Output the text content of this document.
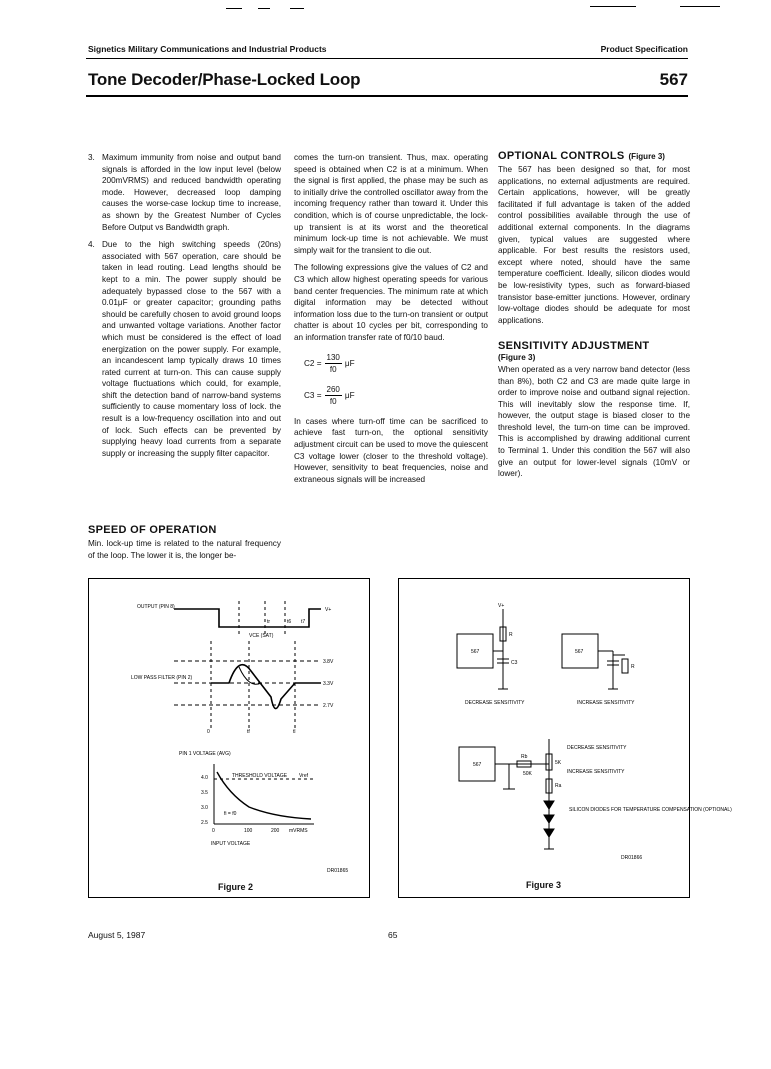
Signetics Military Communications and Industrial Products	Product Specification
Tone Decoder/Phase-Locked Loop	567
3. Maximum immunity from noise and output band signals is afforded in the low input level (below 200mVRMS) and reduced bandwidth operating mode. However, decreased loop damping causes the worse-case lockup time to increase, as shown by the Greatest Number of Cycles Before Output vs Bandwidth graph.
4. Due to the high switching speeds (20ns) associated with 567 operation, care should be taken in lead routing. Lead lengths should be kept to a min. The power supply should be adequately bypassed close to the 567 with a 0.01μF or greater capacitor; grounding paths should be carefully chosen to avoid ground loops and unwanted voltage variations. Another factor which must be considered is the effect of load energization on the power supply. For example, an incandescent lamp typically draws 10 times rated current at turn-on. This can cause supply voltage fluctuations which could, for example, shift the detection band of narrow-band systems sufficiently to cause momentary loss of lock. the result is a low-frequency oscillation into and out of lock. Such effects can be prevented by supplying heavy load currents from a separate supply or increasing the supply filter capacitor.
SPEED OF OPERATION
Min. lock-up time is related to the natural frequency of the loop. The lower it is, the longer be-

comes the turn-on transient. Thus, max. operating speed is obtained when C2 is at a minimum. When the signal is first applied, the phase may be such as to initially drive the controlled oscillator away from the incoming frequency rather than toward it. Under this condition, which is of course unpredictable, the lock-up transient is at its worst and the theoretical minimum lock-up time is not achievable. We must simply wait for the transient to die out.

The following expressions give the values of C2 and C3 which allow highest operating speeds for various band center frequencies. The minimum rate at which digital information may be detected without information loss due to the turn-on transient or output chatter is about 10 cycles per bit, corresponding to an information transfer rate of f0/10 baud.

$C2 = \frac{130}{f0}$ μF
$C3 = \frac{260}{f0}$ μF

In cases where turn-off time can be sacrificed to achieve fast turn-on, the optional sensitivity adjustment circuit can be used to move the quiescent C3 voltage lower (closer to the threshold voltage). However, sensitivity to beat frequencies, noise and extraneous signals will be increased

OPTIONAL CONTROLS (Figure 3)
The 567 has been designed so that, for most applications, no external adjustments are required. Certain applications, however, will be greatly facilitated if full advantage is taken of the added control possibilities available through the use of additional external components. In the diagrams given, typical values are suggested where applicable. For best results the resistors used, except where noted, should have the same temperature coefficient. Ideally, silicon diodes would be low-resistivity types, such as forward-biased transistor base-emitter junctions. However, ordinary low-voltage diodes should be adequate for most applications.
SENSITIVITY ADJUSTMENT
(Figure 3)
When operated as a very narrow band detector (less than 8%), both C2 and C3 are made quite large in order to improve noise and outband signal rejection. This will inevitably slow the response time. If, however, the output stage is biased closer to the threshold level, the turn-on time can be improved. This is accomplished by drawing additional current to Terminal 1. Under this condition the 567 will also give an output for lower-level signals (10mV or lower).
OUTPUT (PIN 8)	V+
VCE (SAT)
tr	t6 t7
3.8V
3.3V
2.7V
LOW PASS FILTER (PIN 2)
0	tf	tl
PIN 1 VOLTAGE (AVG)
4.0
3.5
3.0
2.5
THRESHOLD VOLTAGE Vref
fi = f0
0	100	200 mVRMS
INPUT VOLTAGE
DR01865
Figure 2
567	567
567
V+
R
C3
R
DECREASE SENSITIVITY	INCREASE SENSITIVITY
Rb
50K
5K
Ra
DECREASE SENSITIVITY
INCREASE SENSITIVITY
SILICON DIODES FOR TEMPERATURE COMPENSATION (OPTIONAL)
DR01866
Figure 3
August 5, 1987	65
